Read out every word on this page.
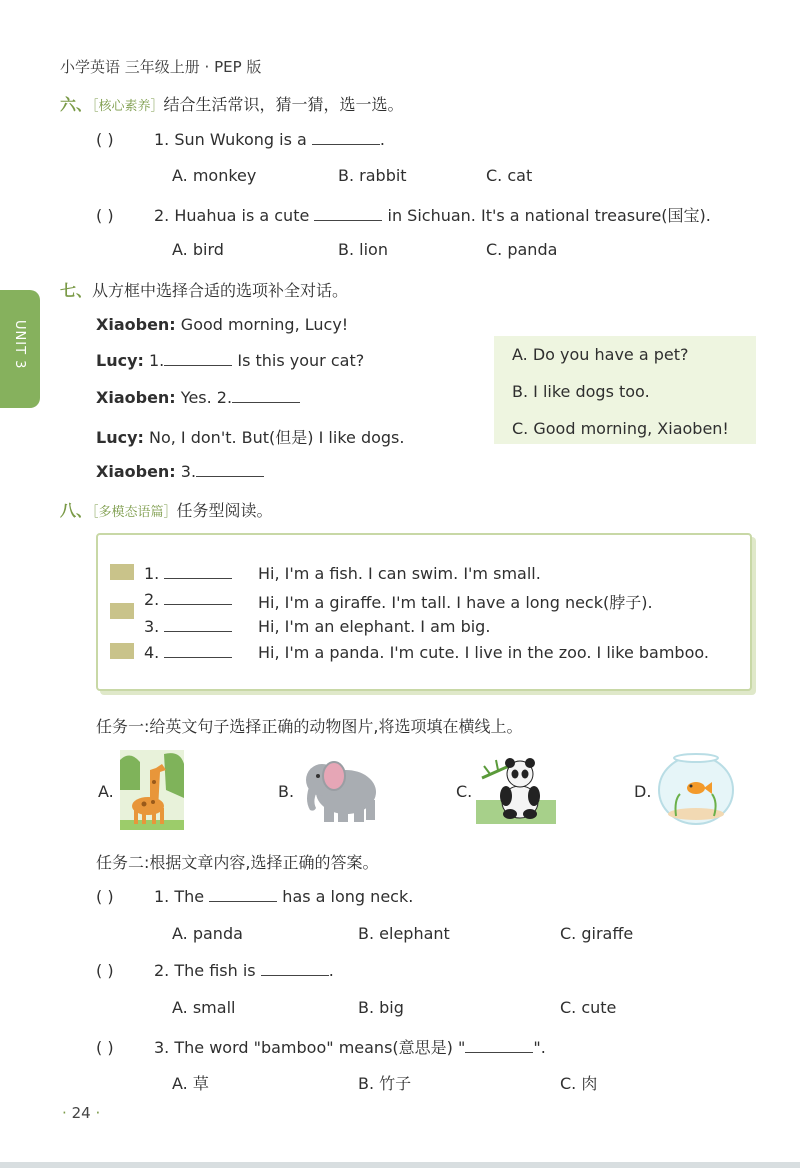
小学英语 三年级上册 · PEP 版
UNIT 3
六、［核心素养］结合生活常识，猜一猜，选一选。
( )	1. Sun Wukong is a	.
A. monkey	B. rabbit	C. cat
( )	2. Huahua is a cute	in Sichuan. It's a national treasure(国宝).
A. bird	B. lion	C. panda
七、从方框中选择合适的选项补全对话。
Xiaoben: Good morning, Lucy!
Lucy: 1.	Is this your cat?
Xiaoben: Yes. 2.
Lucy: No, I don't. But(但是) I like dogs.
Xiaoben: 3.
A. Do you have a pet?
B. I like dogs too.
C. Good morning, Xiaoben!
八、［多模态语篇］任务型阅读。
1.	Hi, I'm a fish. I can swim. I'm small.
2.	Hi, I'm a giraffe. I'm tall. I have a long neck(脖子).
3.	Hi, I'm an elephant. I am big.
4.	Hi, I'm a panda. I'm cute. I live in the zoo. I like bamboo.
任务一:给英文句子选择正确的动物图片,将选项填在横线上。
A.	B.	C.	D.
任务二:根据文章内容,选择正确的答案。
( )	1. The	has a long neck.
A. panda	B. elephant	C. giraffe
( )	2. The fish is	.
A. small	B. big	C. cute
( )	3. The word "bamboo" means(意思是) "	".
A. 草	B. 竹子	C. 肉
· 24 ·
